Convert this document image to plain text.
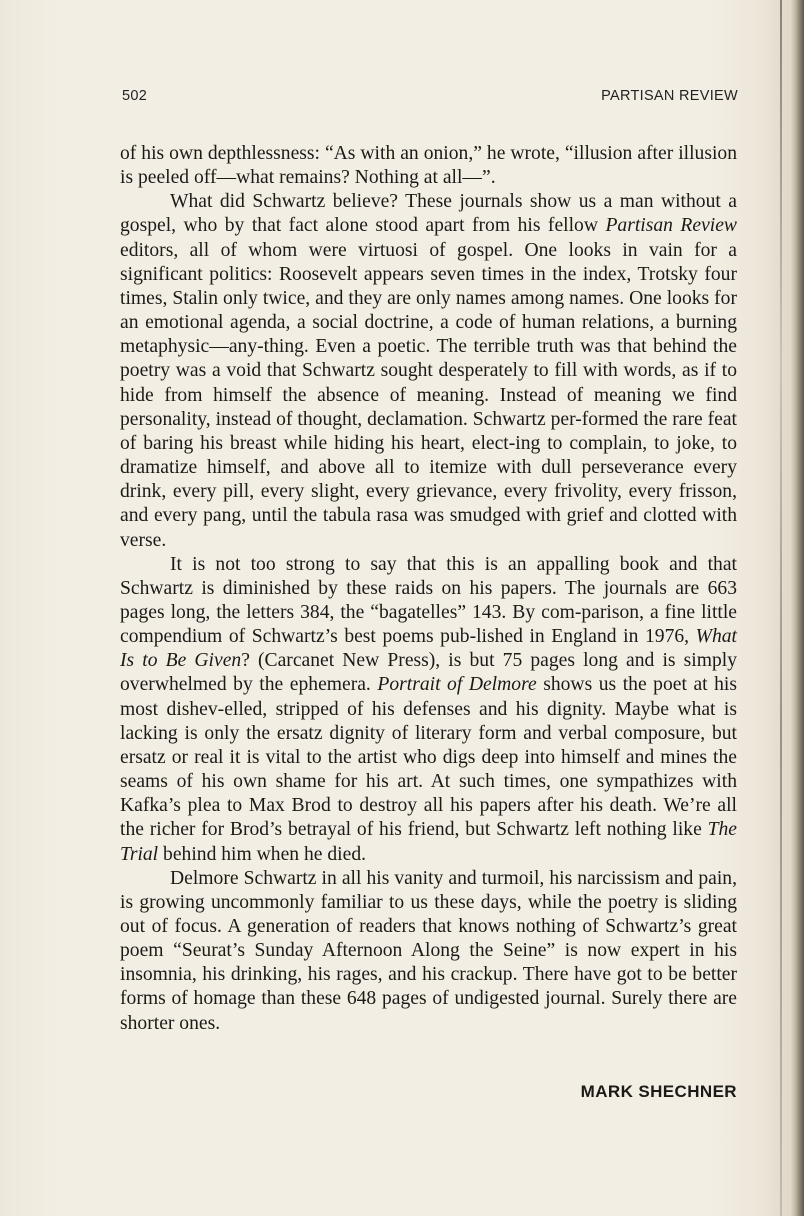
502	PARTISAN REVIEW

of his own depthlessness: “As with an onion,” he wrote, “illusion after illusion is peeled off—what remains? Nothing at all—”.

What did Schwartz believe? These journals show us a man without a gospel, who by that fact alone stood apart from his fellow Partisan Review editors, all of whom were virtuosi of gospel. One looks in vain for a significant politics: Roosevelt appears seven times in the index, Trotsky four times, Stalin only twice, and they are only names among names. One looks for an emotional agenda, a social doctrine, a code of human relations, a burning metaphysic—any-thing. Even a poetic. The terrible truth was that behind the poetry was a void that Schwartz sought desperately to fill with words, as if to hide from himself the absence of meaning. Instead of meaning we find personality, instead of thought, declamation. Schwartz per-formed the rare feat of baring his breast while hiding his heart, elect-ing to complain, to joke, to dramatize himself, and above all to itemize with dull perseverance every drink, every pill, every slight, every grievance, every frivolity, every frisson, and every pang, until the tabula rasa was smudged with grief and clotted with verse.

It is not too strong to say that this is an appalling book and that Schwartz is diminished by these raids on his papers. The journals are 663 pages long, the letters 384, the “bagatelles” 143. By com-parison, a fine little compendium of Schwartz’s best poems pub-lished in England in 1976, What Is to Be Given? (Carcanet New Press), is but 75 pages long and is simply overwhelmed by the ephemera. Portrait of Delmore shows us the poet at his most dishev-elled, stripped of his defenses and his dignity. Maybe what is lacking is only the ersatz dignity of literary form and verbal composure, but ersatz or real it is vital to the artist who digs deep into himself and mines the seams of his own shame for his art. At such times, one sympathizes with Kafka’s plea to Max Brod to destroy all his papers after his death. We’re all the richer for Brod’s betrayal of his friend, but Schwartz left nothing like The Trial behind him when he died.

Delmore Schwartz in all his vanity and turmoil, his narcissism and pain, is growing uncommonly familiar to us these days, while the poetry is sliding out of focus. A generation of readers that knows nothing of Schwartz’s great poem “Seurat’s Sunday Afternoon Along the Seine” is now expert in his insomnia, his drinking, his rages, and his crackup. There have got to be better forms of homage than these 648 pages of undigested journal. Surely there are shorter ones.

MARK SHECHNER
